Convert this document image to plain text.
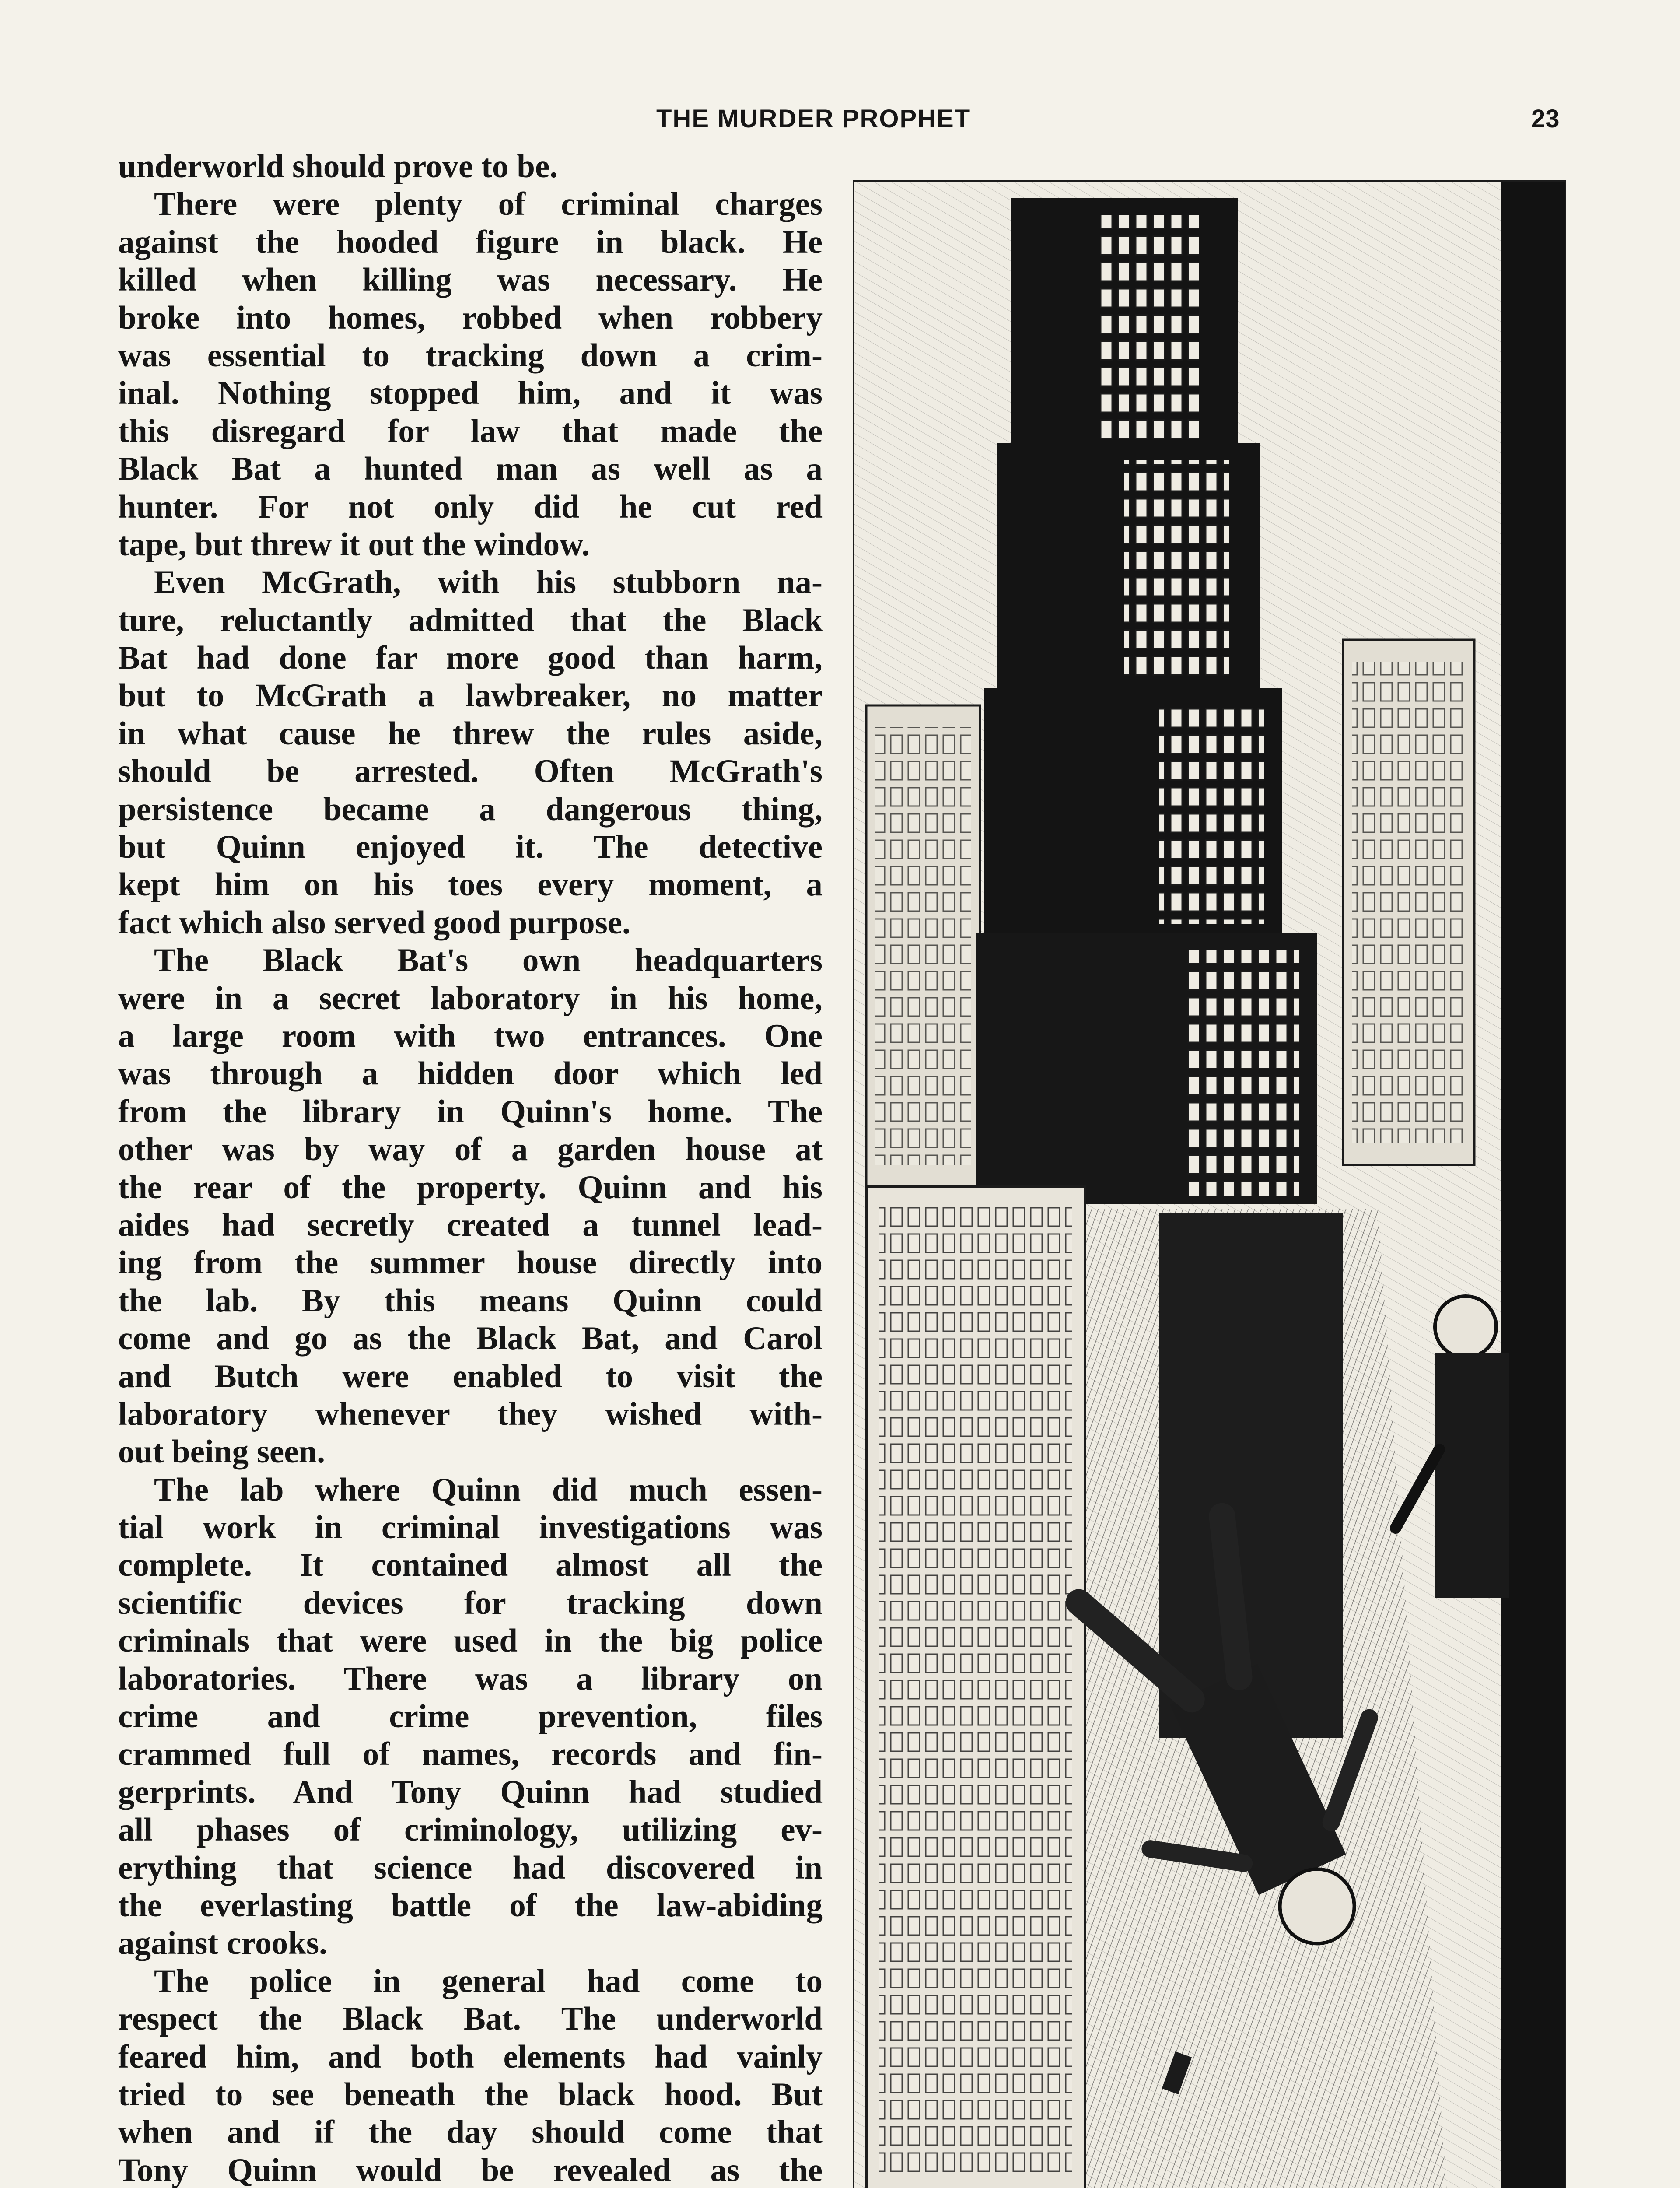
THE MURDER PROPHET	23
underworld should prove to be.
There were plenty of criminal charges
against the hooded figure in black. He
killed when killing was necessary. He
broke into homes, robbed when robbery
was essential to tracking down a crim-
inal. Nothing stopped him, and it was
this disregard for law that made the
Black Bat a hunted man as well as a
hunter. For not only did he cut red
tape, but threw it out the window.
Even McGrath, with his stubborn na-
ture, reluctantly admitted that the Black
Bat had done far more good than harm,
but to McGrath a lawbreaker, no matter
in what cause he threw the rules aside,
should be arrested. Often McGrath's
persistence became a dangerous thing,
but Quinn enjoyed it. The detective
kept him on his toes every moment, a
fact which also served good purpose.
The Black Bat's own headquarters
were in a secret laboratory in his home,
a large room with two entrances. One
was through a hidden door which led
from the library in Quinn's home. The
other was by way of a garden house at
the rear of the property. Quinn and his
aides had secretly created a tunnel lead-
ing from the summer house directly into
the lab. By this means Quinn could
come and go as the Black Bat, and Carol
and Butch were enabled to visit the
laboratory whenever they wished with-
out being seen.
The lab where Quinn did much essen-
tial work in criminal investigations was
complete. It contained almost all the
scientific devices for tracking down
criminals that were used in the big police
laboratories. There was a library on
crime and crime prevention, files
crammed full of names, records and fin-
gerprints. And Tony Quinn had studied
all phases of criminology, utilizing ev-
erything that science had discovered in
the everlasting battle of the law-abiding
against crooks.
The police in general had come to
respect the Black Bat. The underworld
feared him, and both elements had vainly
tried to see beneath the black hood. But
when and if the day should come that
Tony Quinn would be revealed as the
